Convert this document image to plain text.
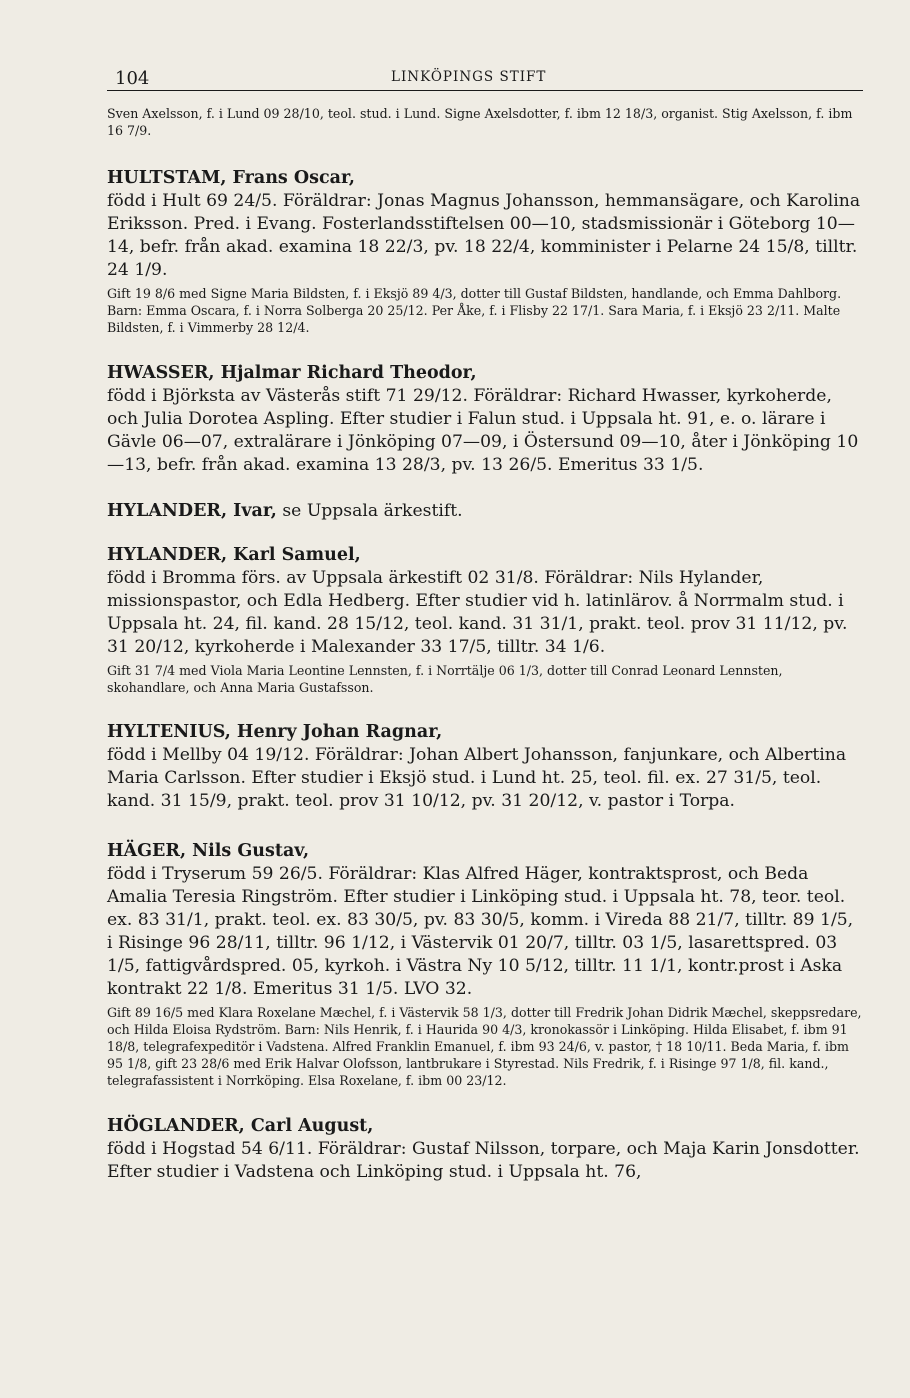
104	LINKÖPINGS STIFT

Sven Axelsson, f. i Lund 09 28/10, teol. stud. i Lund. Signe Axelsdotter, f. ibm 12 18/3, organist. Stig Axelsson, f. ibm 16 7/9.

HULTSTAM, Frans Oscar,

född i Hult 69 24/5. Föräldrar: Jonas Magnus Johansson, hemmansägare, och Karolina Eriksson. Pred. i Evang. Fosterlandsstiftelsen 00—10, stadsmissionär i Göteborg 10—14, befr. från akad. examina 18 22/3, pv. 18 22/4, komminister i Pelarne 24 15/8, tilltr. 24 1/9.

Gift 19 8/6 med Signe Maria Bildsten, f. i Eksjö 89 4/3, dotter till Gustaf Bildsten, handlande, och Emma Dahlborg. Barn: Emma Oscara, f. i Norra Solberga 20 25/12. Per Åke, f. i Flisby 22 17/1. Sara Maria, f. i Eksjö 23 2/11. Malte Bildsten, f. i Vimmerby 28 12/4.

HWASSER, Hjalmar Richard Theodor,

född i Björksta av Västerås stift 71 29/12. Föräldrar: Richard Hwasser, kyrkoherde, och Julia Dorotea Aspling. Efter studier i Falun stud. i Uppsala ht. 91, e. o. lärare i Gävle 06—07, extralärare i Jönköping 07—09, i Östersund 09—10, åter i Jönköping 10—13, befr. från akad. examina 13 28/3, pv. 13 26/5. Emeritus 33 1/5.

HYLANDER, Ivar, se Uppsala ärkestift.

HYLANDER, Karl Samuel,

född i Bromma förs. av Uppsala ärkestift 02 31/8. Föräldrar: Nils Hylander, missionspastor, och Edla Hedberg. Efter studier vid h. latinlärov. å Norrmalm stud. i Uppsala ht. 24, fil. kand. 28 15/12, teol. kand. 31 31/1, prakt. teol. prov 31 11/12, pv. 31 20/12, kyrkoherde i Malexander 33 17/5, tilltr. 34 1/6.

Gift 31 7/4 med Viola Maria Leontine Lennsten, f. i Norrtälje 06 1/3, dotter till Conrad Leonard Lennsten, skohandlare, och Anna Maria Gustafsson.

HYLTENIUS, Henry Johan Ragnar,

född i Mellby 04 19/12. Föräldrar: Johan Albert Johansson, fanjunkare, och Albertina Maria Carlsson. Efter studier i Eksjö stud. i Lund ht. 25, teol. fil. ex. 27 31/5, teol. kand. 31 15/9, prakt. teol. prov 31 10/12, pv. 31 20/12, v. pastor i Torpa.

HÄGER, Nils Gustav,

född i Tryserum 59 26/5. Föräldrar: Klas Alfred Häger, kontraktsprost, och Beda Amalia Teresia Ringström. Efter studier i Linköping stud. i Uppsala ht. 78, teor. teol. ex. 83 31/1, prakt. teol. ex. 83 30/5, pv. 83 30/5, komm. i Vireda 88 21/7, tilltr. 89 1/5, i Risinge 96 28/11, tilltr. 96 1/12, i Västervik 01 20/7, tilltr. 03 1/5, lasarettspred. 03 1/5, fattigvårdspred. 05, kyrkoh. i Västra Ny 10 5/12, tilltr. 11 1/1, kontr.prost i Aska kontrakt 22 1/8. Emeritus 31 1/5. LVO 32.

Gift 89 16/5 med Klara Roxelane Mæchel, f. i Västervik 58 1/3, dotter till Fredrik Johan Didrik Mæchel, skeppsredare, och Hilda Eloisa Rydström. Barn: Nils Henrik, f. i Haurida 90 4/3, kronokassör i Linköping. Hilda Elisabet, f. ibm 91 18/8, telegrafexpeditör i Vadstena. Alfred Franklin Emanuel, f. ibm 93 24/6, v. pastor, † 18 10/11. Beda Maria, f. ibm 95 1/8, gift 23 28/6 med Erik Halvar Olofsson, lantbrukare i Styrestad. Nils Fredrik, f. i Risinge 97 1/8, fil. kand., telegrafassistent i Norrköping. Elsa Roxelane, f. ibm 00 23/12.

HÖGLANDER, Carl August,

född i Hogstad 54 6/11. Föräldrar: Gustaf Nilsson, torpare, och Maja Karin Jonsdotter. Efter studier i Vadstena och Linköping stud. i Uppsala ht. 76,
